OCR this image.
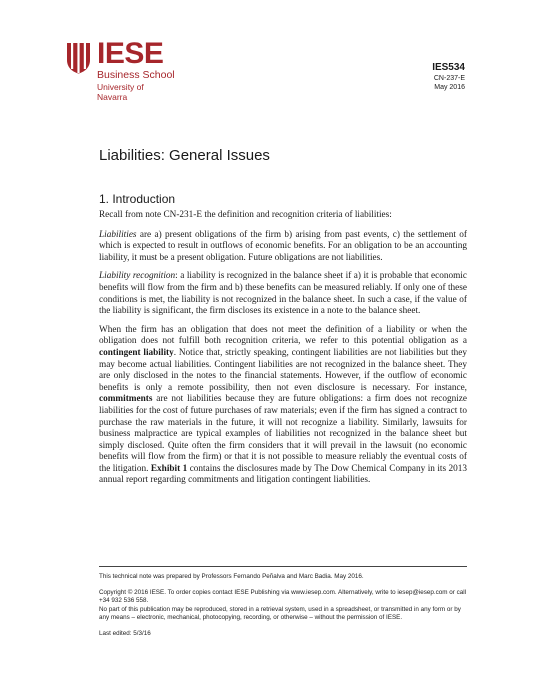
IESE
Business School
University of Navarra
IES534
CN-237-E
May 2016
Liabilities: General Issues
1. Introduction

Recall from note CN-231-E the definition and recognition criteria of liabilities:

Liabilities are a) present obligations of the firm b) arising from past events, c) the settlement of which is expected to result in outflows of economic benefits. For an obligation to be an accounting liability, it must be a present obligation. Future obligations are not liabilities.

Liability recognition: a liability is recognized in the balance sheet if a) it is probable that economic benefits will flow from the firm and b) these benefits can be measured reliably. If only one of these conditions is met, the liability is not recognized in the balance sheet. In such a case, if the value of the liability is significant, the firm discloses its existence in a note to the balance sheet.

When the firm has an obligation that does not meet the definition of a liability or when the obligation does not fulfill both recognition criteria, we refer to this potential obligation as a contingent liability. Notice that, strictly speaking, contingent liabilities are not liabilities but they may become actual liabilities. Contingent liabilities are not recognized in the balance sheet. They are only disclosed in the notes to the financial statements. However, if the outflow of economic benefits is only a remote possibility, then not even disclosure is necessary. For instance, commitments are not liabilities because they are future obligations: a firm does not recognize liabilities for the cost of future purchases of raw materials; even if the firm has signed a contract to purchase the raw materials in the future, it will not recognize a liability. Similarly, lawsuits for business malpractice are typical examples of liabilities not recognized in the balance sheet but simply disclosed. Quite often the firm considers that it will prevail in the lawsuit (no economic benefits will flow from the firm) or that it is not possible to measure reliably the eventual costs of the litigation. Exhibit 1 contains the disclosures made by The Dow Chemical Company in its 2013 annual report regarding commitments and litigation contingent liabilities.

This technical note was prepared by Professors Fernando Peñalva and Marc Badia. May 2016.

Copyright © 2016 IESE. To order copies contact IESE Publishing via www.iesep.com. Alternatively, write to iesep@iesep.com or call +34 932 536 558.

No part of this publication may be reproduced, stored in a retrieval system, used in a spreadsheet, or transmitted in any form or by any means – electronic, mechanical, photocopying, recording, or otherwise – without the permission of IESE.

Last edited: 5/3/16
